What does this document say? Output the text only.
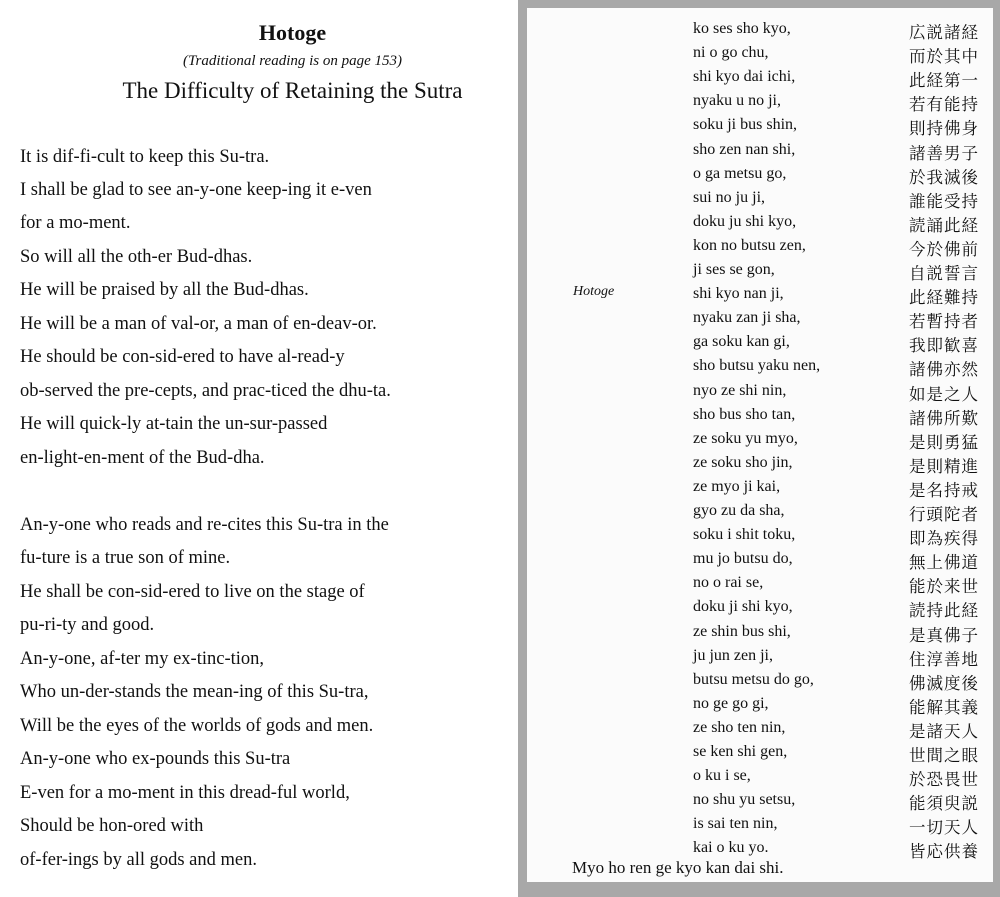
Hotoge
(Traditional reading is on page 153)
The Difficulty of Retaining the Sutra
It is dif-fi-cult to keep this Su-tra.
I shall be glad to see an-y-one keep-ing it e-ven
for a mo-ment.
So will all the oth-er Bud-dhas.
He will be praised by all the Bud-dhas.
He will be a man of val-or, a man of en-deav-or.
He should be con-sid-ered to have al-read-y
ob-served the pre-cepts, and prac-ticed the dhu-ta.
He will quick-ly at-tain the un-sur-passed
en-light-en-ment of the Bud-dha.
An-y-one who reads and re-cites this Su-tra in the
fu-ture is a true son of mine.
He shall be con-sid-ered to live on the stage of
pu-ri-ty and good.
An-y-one, af-ter my ex-tinc-tion,
Who un-der-stands the mean-ing of this Su-tra,
Will be the eyes of the worlds of gods and men.
An-y-one who ex-pounds this Su-tra
E-ven for a mo-ment in this dread-ful world,
Should be hon-ored with
of-fer-ings by all gods and men.
Hotoge
ko ses sho kyo,	広説諸経
ni o go chu,	而於其中
shi kyo dai ichi,	此経第一
nyaku u no ji,	若有能持
soku ji bus shin,	則持佛身
sho zen nan shi,	諸善男子
o ga metsu go,	於我滅後
sui no ju ji,	誰能受持
doku ju shi kyo,	読誦此経
kon no butsu zen,	今於佛前
ji ses se gon,	自説誓言
shi kyo nan ji,	此経難持
nyaku zan ji sha,	若暫持者
ga soku kan gi,	我即歓喜
sho butsu yaku nen,	諸佛亦然
nyo ze shi nin,	如是之人
sho bus sho tan,	諸佛所歎
ze soku yu myo,	是則勇猛
ze soku sho jin,	是則精進
ze myo ji kai,	是名持戒
gyo zu da sha,	行頭陀者
soku i shit toku,	即為疾得
mu jo butsu do,	無上佛道
no o rai se,	能於来世
doku ji shi kyo,	読持此経
ze shin bus shi,	是真佛子
ju jun zen ji,	住淳善地
butsu metsu do go,	佛滅度後
no ge go gi,	能解其義
ze sho ten nin,	是諸天人
se ken shi gen,	世間之眼
o ku i se,	於恐畏世
no shu yu setsu,	能須臾説
is sai ten nin,	一切天人
kai o ku yo.	皆応供養
Myo ho ren ge kyo kan dai shi.
